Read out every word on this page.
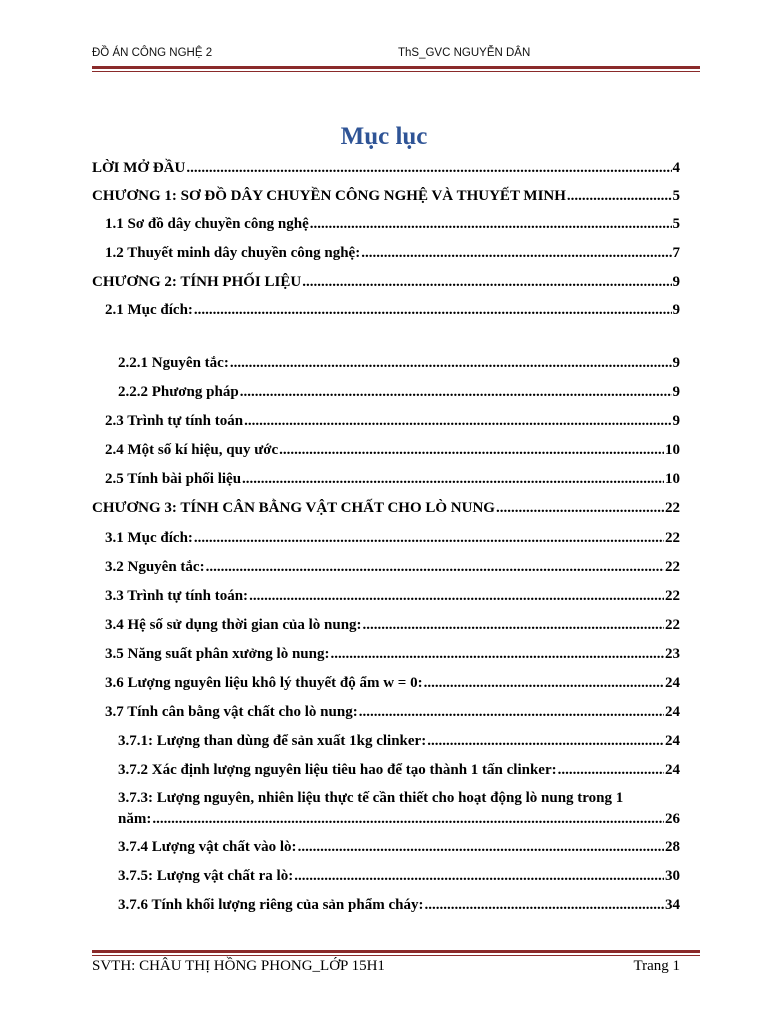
ĐỒ ÁN CÔNG NGHỆ 2	ThS_GVC NGUYỄN DÂN
Mục lục
LỜI MỞ ĐẦU .....	4
CHƯƠNG 1: SƠ ĐỒ DÂY CHUYỀN CÔNG NGHỆ VÀ THUYẾT MINH .....	5
1.1 Sơ đồ dây chuyền công nghệ .....	5
1.2 Thuyết minh dây chuyền công nghệ: .....	7
CHƯƠNG 2: TÍNH PHỐI LIỆU .....	9
2.1 Mục đích: .....	9
2.2.1 Nguyên tắc: .....	9
2.2.2 Phương pháp .....	9
2.3 Trình tự tính toán .....	9
2.4 Một số kí hiệu, quy ước .....	10
2.5 Tính bài phối liệu .....	10
CHƯƠNG 3: TÍNH CÂN BẰNG VẬT CHẤT CHO LÒ NUNG .....	22
3.1 Mục đích: .....	22
3.2 Nguyên tắc: .....	22
3.3 Trình tự tính toán: .....	22
3.4 Hệ số sử dụng thời gian của lò nung: .....	22
3.5 Năng suất phân xưởng lò nung: .....	23
3.6 Lượng nguyên liệu khô lý thuyết độ ẩm w = 0: .....	24
3.7 Tính cân bằng vật chất cho lò nung: .....	24
3.7.1: Lượng than dùng để sản xuất 1kg clinker: .....	24
3.7.2 Xác định lượng nguyên liệu tiêu hao để tạo thành 1 tấn clinker: .....	24
3.7.3: Lượng nguyên, nhiên liệu thực tế cần thiết cho hoạt động lò nung trong 1
năm: .....	26
3.7.4 Lượng vật chất vào lò: .....	28
3.7.5: Lượng vật chất ra lò: .....	30
3.7.6 Tính khối lượng riêng của sản phẩm cháy: .....	34
SVTH: CHÂU THỊ HỒNG PHONG_LỚP 15H1	Trang 1
